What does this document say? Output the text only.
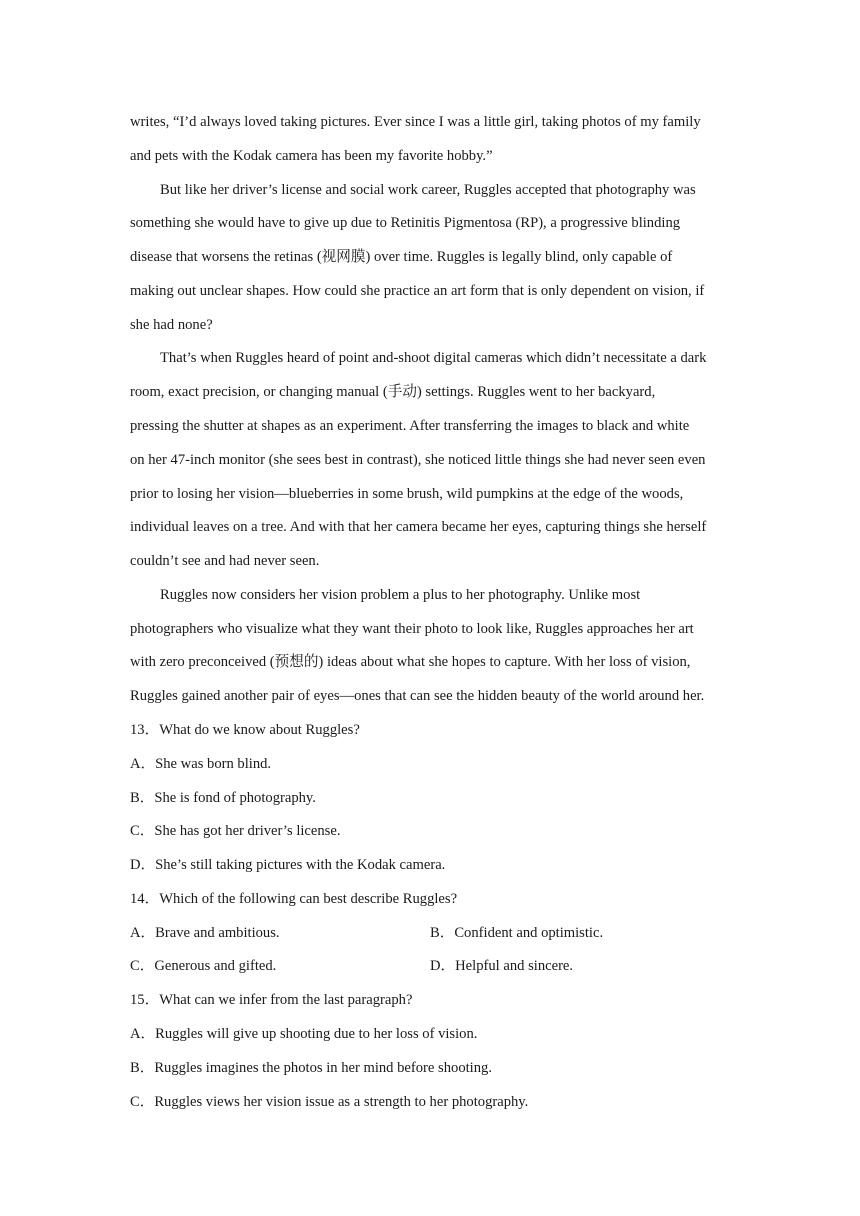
writes, “I’d always loved taking pictures. Ever since I was a little girl, taking photos of my family
and pets with the Kodak camera has been my favorite hobby.”
But like her driver’s license and social work career, Ruggles accepted that photography was
something she would have to give up due to Retinitis Pigmentosa (RP), a progressive blinding
disease that worsens the retinas (视网膜) over time. Ruggles is legally blind, only capable of
making out unclear shapes. How could she practice an art form that is only dependent on vision, if
she had none?
That’s when Ruggles heard of point and-shoot digital cameras which didn’t necessitate a dark
room, exact precision, or changing manual (手动) settings. Ruggles went to her backyard,
pressing the shutter at shapes as an experiment. After transferring the images to black and white
on her 47-inch monitor (she sees best in contrast), she noticed little things she had never seen even
prior to losing her vision—blueberries in some brush, wild pumpkins at the edge of the woods,
individual leaves on a tree. And with that her camera became her eyes, capturing things she herself
couldn’t see and had never seen.
Ruggles now considers her vision problem a plus to her photography. Unlike most
photographers who visualize what they want their photo to look like, Ruggles approaches her art
with zero preconceived (预想的) ideas about what she hopes to capture. With her loss of vision,
Ruggles gained another pair of eyes—ones that can see the hidden beauty of the world around her.
13．What do we know about Ruggles?
A．She was born blind.
B．She is fond of photography.
C．She has got her driver’s license.
D．She’s still taking pictures with the Kodak camera.
14．Which of the following can best describe Ruggles?
A．Brave and ambitious.	B．Confident and optimistic.
C．Generous and gifted.	D．Helpful and sincere.
15．What can we infer from the last paragraph?
A．Ruggles will give up shooting due to her loss of vision.
B．Ruggles imagines the photos in her mind before shooting.
C．Ruggles views her vision issue as a strength to her photography.
